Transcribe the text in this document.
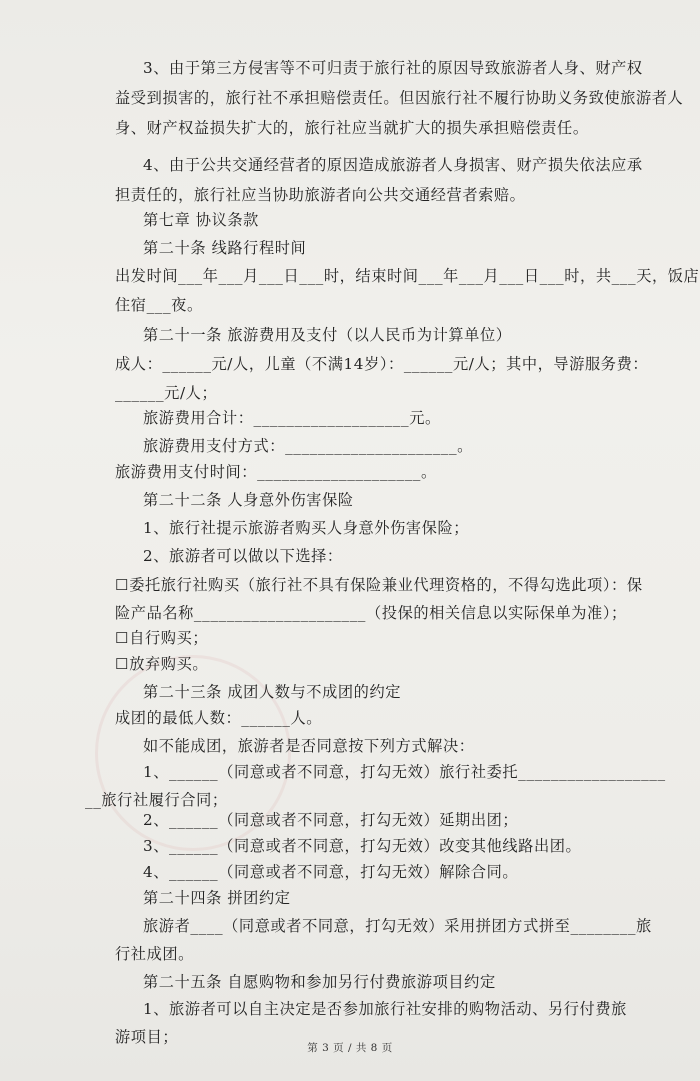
3、由于第三方侵害等不可归责于旅行社的原因导致旅游者人身、财产权
益受到损害的，旅行社不承担赔偿责任。但因旅行社不履行协助义务致使旅游者人
身、财产权益损失扩大的，旅行社应当就扩大的损失承担赔偿责任。
4、由于公共交通经营者的原因造成旅游者人身损害、财产损失依法应承
担责任的，旅行社应当协助旅游者向公共交通经营者索赔。
第七章 协议条款
第二十条 线路行程时间
出发时间___年___月___日___时，结束时间___年___月___日___时，共___天，饭店
住宿___夜。
第二十一条 旅游费用及支付（以人民币为计算单位）
成人：______元/人，儿童（不满14岁）：______元/人；其中，导游服务费：
______元/人；
旅游费用合计：___________________元。
旅游费用支付方式：_____________________。
旅游费用支付时间：____________________。
第二十二条 人身意外伤害保险
1、旅行社提示旅游者购买人身意外伤害保险；
2、旅游者可以做以下选择：
☐委托旅行社购买（旅行社不具有保险兼业代理资格的，不得勾选此项）：保
险产品名称_____________________（投保的相关信息以实际保单为准）；
☐自行购买；
☐放弃购买。
第二十三条 成团人数与不成团的约定
成团的最低人数：______人。
如不能成团，旅游者是否同意按下列方式解决：
1、______（同意或者不同意，打勾无效）旅行社委托__________________
__旅行社履行合同；
2、______（同意或者不同意，打勾无效）延期出团；
3、______（同意或者不同意，打勾无效）改变其他线路出团。
4、______（同意或者不同意，打勾无效）解除合同。
第二十四条 拼团约定
旅游者____（同意或者不同意，打勾无效）采用拼团方式拼至________旅
行社成团。
第二十五条 自愿购物和参加另行付费旅游项目约定
1、旅游者可以自主决定是否参加旅行社安排的购物活动、另行付费旅
游项目；
第 3 页 / 共 8 页
